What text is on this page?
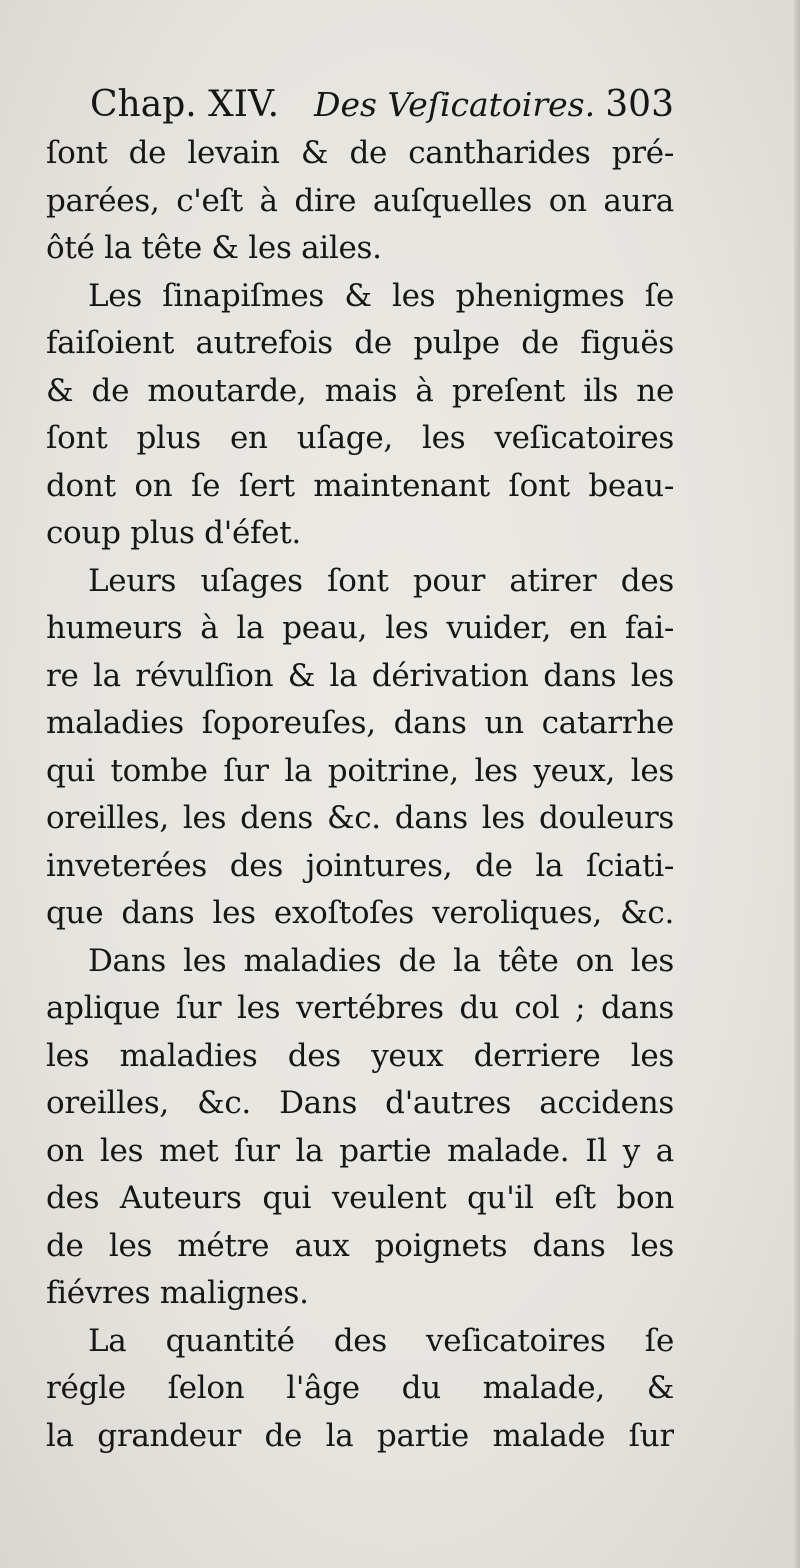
Chap. XIV. Des Veſicatoires. 303
ſont de levain & de cantharides pré-
parées, c'eſt à dire auſquelles on aura
ôté la tête & les ailes.
Les ſinapiſmes & les phenigmes ſe
faiſoient autrefois de pulpe de figuës
& de moutarde, mais à preſent ils ne
ſont plus en uſage, les veſicatoires
dont on ſe ſert maintenant ſont beau-
coup plus d'éfet.
Leurs uſages ſont pour atirer des
humeurs à la peau, les vuider, en fai-
re la révulſion & la dérivation dans les
maladies ſoporeuſes, dans un catarrhe
qui tombe ſur la poitrine, les yeux, les
oreilles, les dens &c. dans les douleurs
inveterées des jointures, de la ſciati-
que dans les exoſtoſes veroliques, &c.
Dans les maladies de la tête on les
aplique ſur les vertébres du col ; dans
les maladies des yeux derriere les
oreilles, &c. Dans d'autres accidens
on les met ſur la partie malade. Il y a
des Auteurs qui veulent qu'il eſt bon
de les métre aux poignets dans les
fiévres malignes.
La quantité des veſicatoires ſe
régle ſelon l'âge du malade, &
la grandeur de la partie malade ſur
